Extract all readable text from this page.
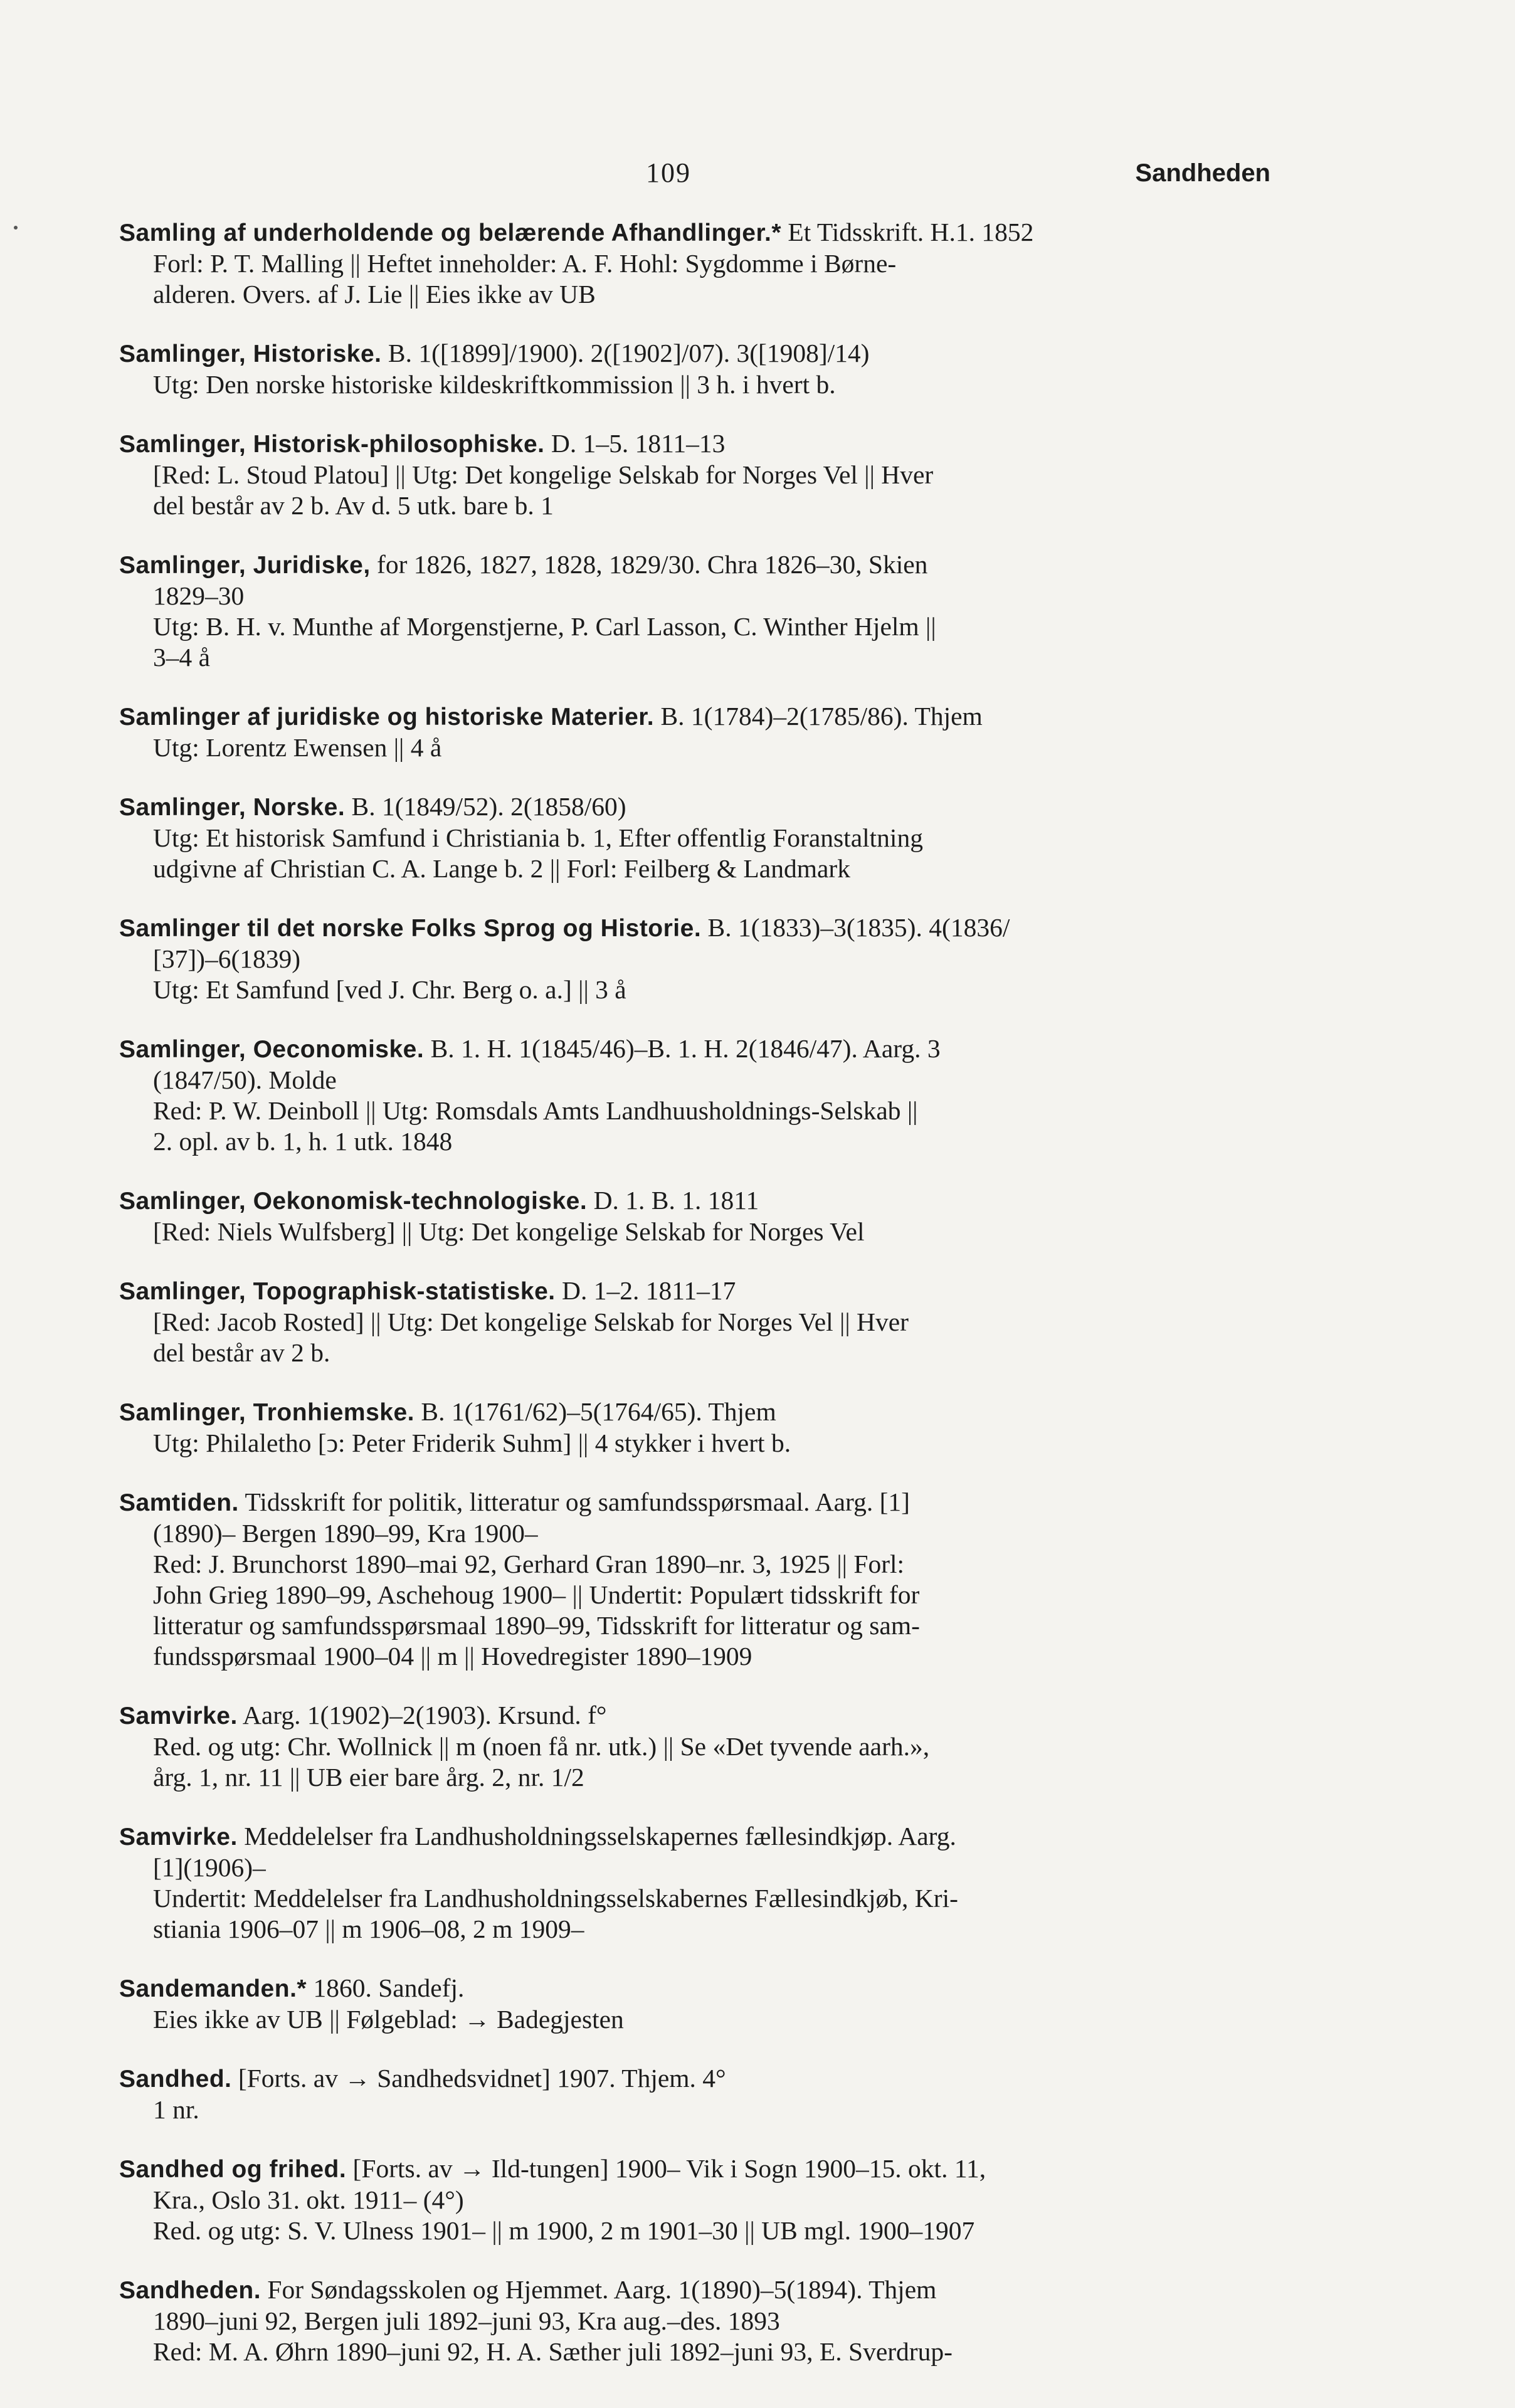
109	Sandheden
Samling af underholdende og belærende Afhandlinger.* Et Tidsskrift. H.1. 1852
Forl: P. T. Malling || Heftet inneholder: A. F. Hohl: Sygdomme i Børne-
alderen. Overs. af J. Lie || Eies ikke av UB
Samlinger, Historiske. B. 1([1899]/1900). 2([1902]/07). 3([1908]/14)
Utg: Den norske historiske kildeskriftkommission || 3 h. i hvert b.
Samlinger, Historisk-philosophiske. D. 1–5. 1811–13
[Red: L. Stoud Platou] || Utg: Det kongelige Selskab for Norges Vel || Hver
del består av 2 b. Av d. 5 utk. bare b. 1
Samlinger, Juridiske, for 1826, 1827, 1828, 1829/30. Chra 1826–30, Skien
1829–30
Utg: B. H. v. Munthe af Morgenstjerne, P. Carl Lasson, C. Winther Hjelm ||
3–4 å
Samlinger af juridiske og historiske Materier. B. 1(1784)–2(1785/86). Thjem
Utg: Lorentz Ewensen || 4 å
Samlinger, Norske. B. 1(1849/52). 2(1858/60)
Utg: Et historisk Samfund i Christiania b. 1, Efter offentlig Foranstaltning
udgivne af Christian C. A. Lange b. 2 || Forl: Feilberg & Landmark
Samlinger til det norske Folks Sprog og Historie. B. 1(1833)–3(1835). 4(1836/
[37])–6(1839)
Utg: Et Samfund [ved J. Chr. Berg o. a.] || 3 å
Samlinger, Oeconomiske. B. 1. H. 1(1845/46)–B. 1. H. 2(1846/47). Aarg. 3
(1847/50). Molde
Red: P. W. Deinboll || Utg: Romsdals Amts Landhuusholdnings-Selskab ||
2. opl. av b. 1, h. 1 utk. 1848
Samlinger, Oekonomisk-technologiske. D. 1. B. 1. 1811
[Red: Niels Wulfsberg] || Utg: Det kongelige Selskab for Norges Vel
Samlinger, Topographisk-statistiske. D. 1–2. 1811–17
[Red: Jacob Rosted] || Utg: Det kongelige Selskab for Norges Vel || Hver
del består av 2 b.
Samlinger, Tronhiemske. B. 1(1761/62)–5(1764/65). Thjem
Utg: Philaletho [ↄ: Peter Friderik Suhm] || 4 stykker i hvert b.
Samtiden. Tidsskrift for politik, litteratur og samfundsspørsmaal. Aarg. [1]
(1890)– Bergen 1890–99, Kra 1900–
Red: J. Brunchorst 1890–mai 92, Gerhard Gran 1890–nr. 3, 1925 || Forl:
John Grieg 1890–99, Aschehoug 1900– || Undertit: Populært tidsskrift for
litteratur og samfundsspørsmaal 1890–99, Tidsskrift for litteratur og sam-
fundsspørsmaal 1900–04 || m || Hovedregister 1890–1909
Samvirke. Aarg. 1(1902)–2(1903). Krsund. f°
Red. og utg: Chr. Wollnick || m (noen få nr. utk.) || Se «Det tyvende aarh.»,
årg. 1, nr. 11 || UB eier bare årg. 2, nr. 1/2
Samvirke. Meddelelser fra Landhusholdningsselskapernes fællesindkjøp. Aarg.
[1](1906)–
Undertit: Meddelelser fra Landhusholdningsselskabernes Fællesindkjøb, Kri-
stiania 1906–07 || m 1906–08, 2 m 1909–
Sandemanden.* 1860. Sandefj.
Eies ikke av UB || Følgeblad: → Badegjesten
Sandhed. [Forts. av → Sandhedsvidnet] 1907. Thjem. 4°
1 nr.
Sandhed og frihed. [Forts. av → Ild-tungen] 1900– Vik i Sogn 1900–15. okt. 11,
Kra., Oslo 31. okt. 1911– (4°)
Red. og utg: S. V. Ulness 1901– || m 1900, 2 m 1901–30 || UB mgl. 1900–1907
Sandheden. For Søndagsskolen og Hjemmet. Aarg. 1(1890)–5(1894). Thjem
1890–juni 92, Bergen juli 1892–juni 93, Kra aug.–des. 1893
Red: M. A. Øhrn 1890–juni 92, H. A. Sæther juli 1892–juni 93, E. Sverdrup-
